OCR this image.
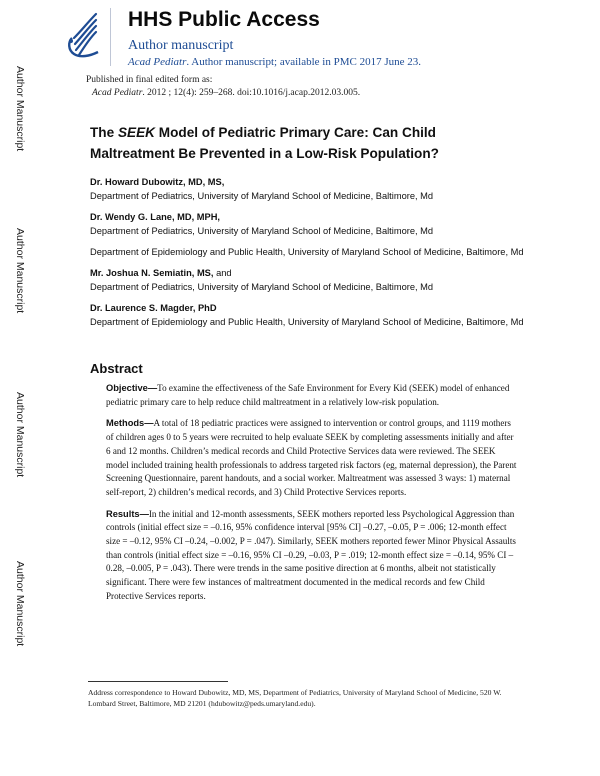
Author Manuscript
Author Manuscript
Author Manuscript
Author Manuscript
HHS Public Access
Author manuscript
Acad Pediatr. Author manuscript; available in PMC 2017 June 23.
Published in final edited form as:
Acad Pediatr. 2012 ; 12(4): 259–268. doi:10.1016/j.acap.2012.03.005.
The SEEK Model of Pediatric Primary Care: Can Child Maltreatment Be Prevented in a Low-Risk Population?
Dr. Howard Dubowitz, MD, MS,
Department of Pediatrics, University of Maryland School of Medicine, Baltimore, Md
Dr. Wendy G. Lane, MD, MPH,
Department of Pediatrics, University of Maryland School of Medicine, Baltimore, Md
Department of Epidemiology and Public Health, University of Maryland School of Medicine, Baltimore, Md
Mr. Joshua N. Semiatin, MS, and
Department of Pediatrics, University of Maryland School of Medicine, Baltimore, Md
Dr. Laurence S. Magder, PhD
Department of Epidemiology and Public Health, University of Maryland School of Medicine, Baltimore, Md
Abstract

Objective—To examine the effectiveness of the Safe Environment for Every Kid (SEEK) model of enhanced pediatric primary care to help reduce child maltreatment in a relatively low-risk population.

Methods—A total of 18 pediatric practices were assigned to intervention or control groups, and 1119 mothers of children ages 0 to 5 years were recruited to help evaluate SEEK by completing assessments initially and after 6 and 12 months. Children’s medical records and Child Protective Services data were reviewed. The SEEK model included training health professionals to address targeted risk factors (eg, maternal depression), the Parent Screening Questionnaire, parent handouts, and a social worker. Maltreatment was assessed 3 ways: 1) maternal self-report, 2) children’s medical records, and 3) Child Protective Services reports.

Results—In the initial and 12-month assessments, SEEK mothers reported less Psychological Aggression than controls (initial effect size = –0.16, 95% confidence interval [95% CI] –0.27, –0.05, P = .006; 12-month effect size = –0.12, 95% CI –0.24, –0.002, P = .047). Similarly, SEEK mothers reported fewer Minor Physical Assaults than controls (initial effect size = –0.16, 95% CI –0.29, –0.03, P = .019; 12-month effect size = –0.14, 95% CI –0.28, –0.005, P = .043). There were trends in the same positive direction at 6 months, albeit not statistically significant. There were few instances of maltreatment documented in the medical records and few Child Protective Services reports.

Address correspondence to Howard Dubowitz, MD, MS, Department of Pediatrics, University of Maryland School of Medicine, 520 W. Lombard Street, Baltimore, MD 21201 (hdubowitz@peds.umaryland.edu).
